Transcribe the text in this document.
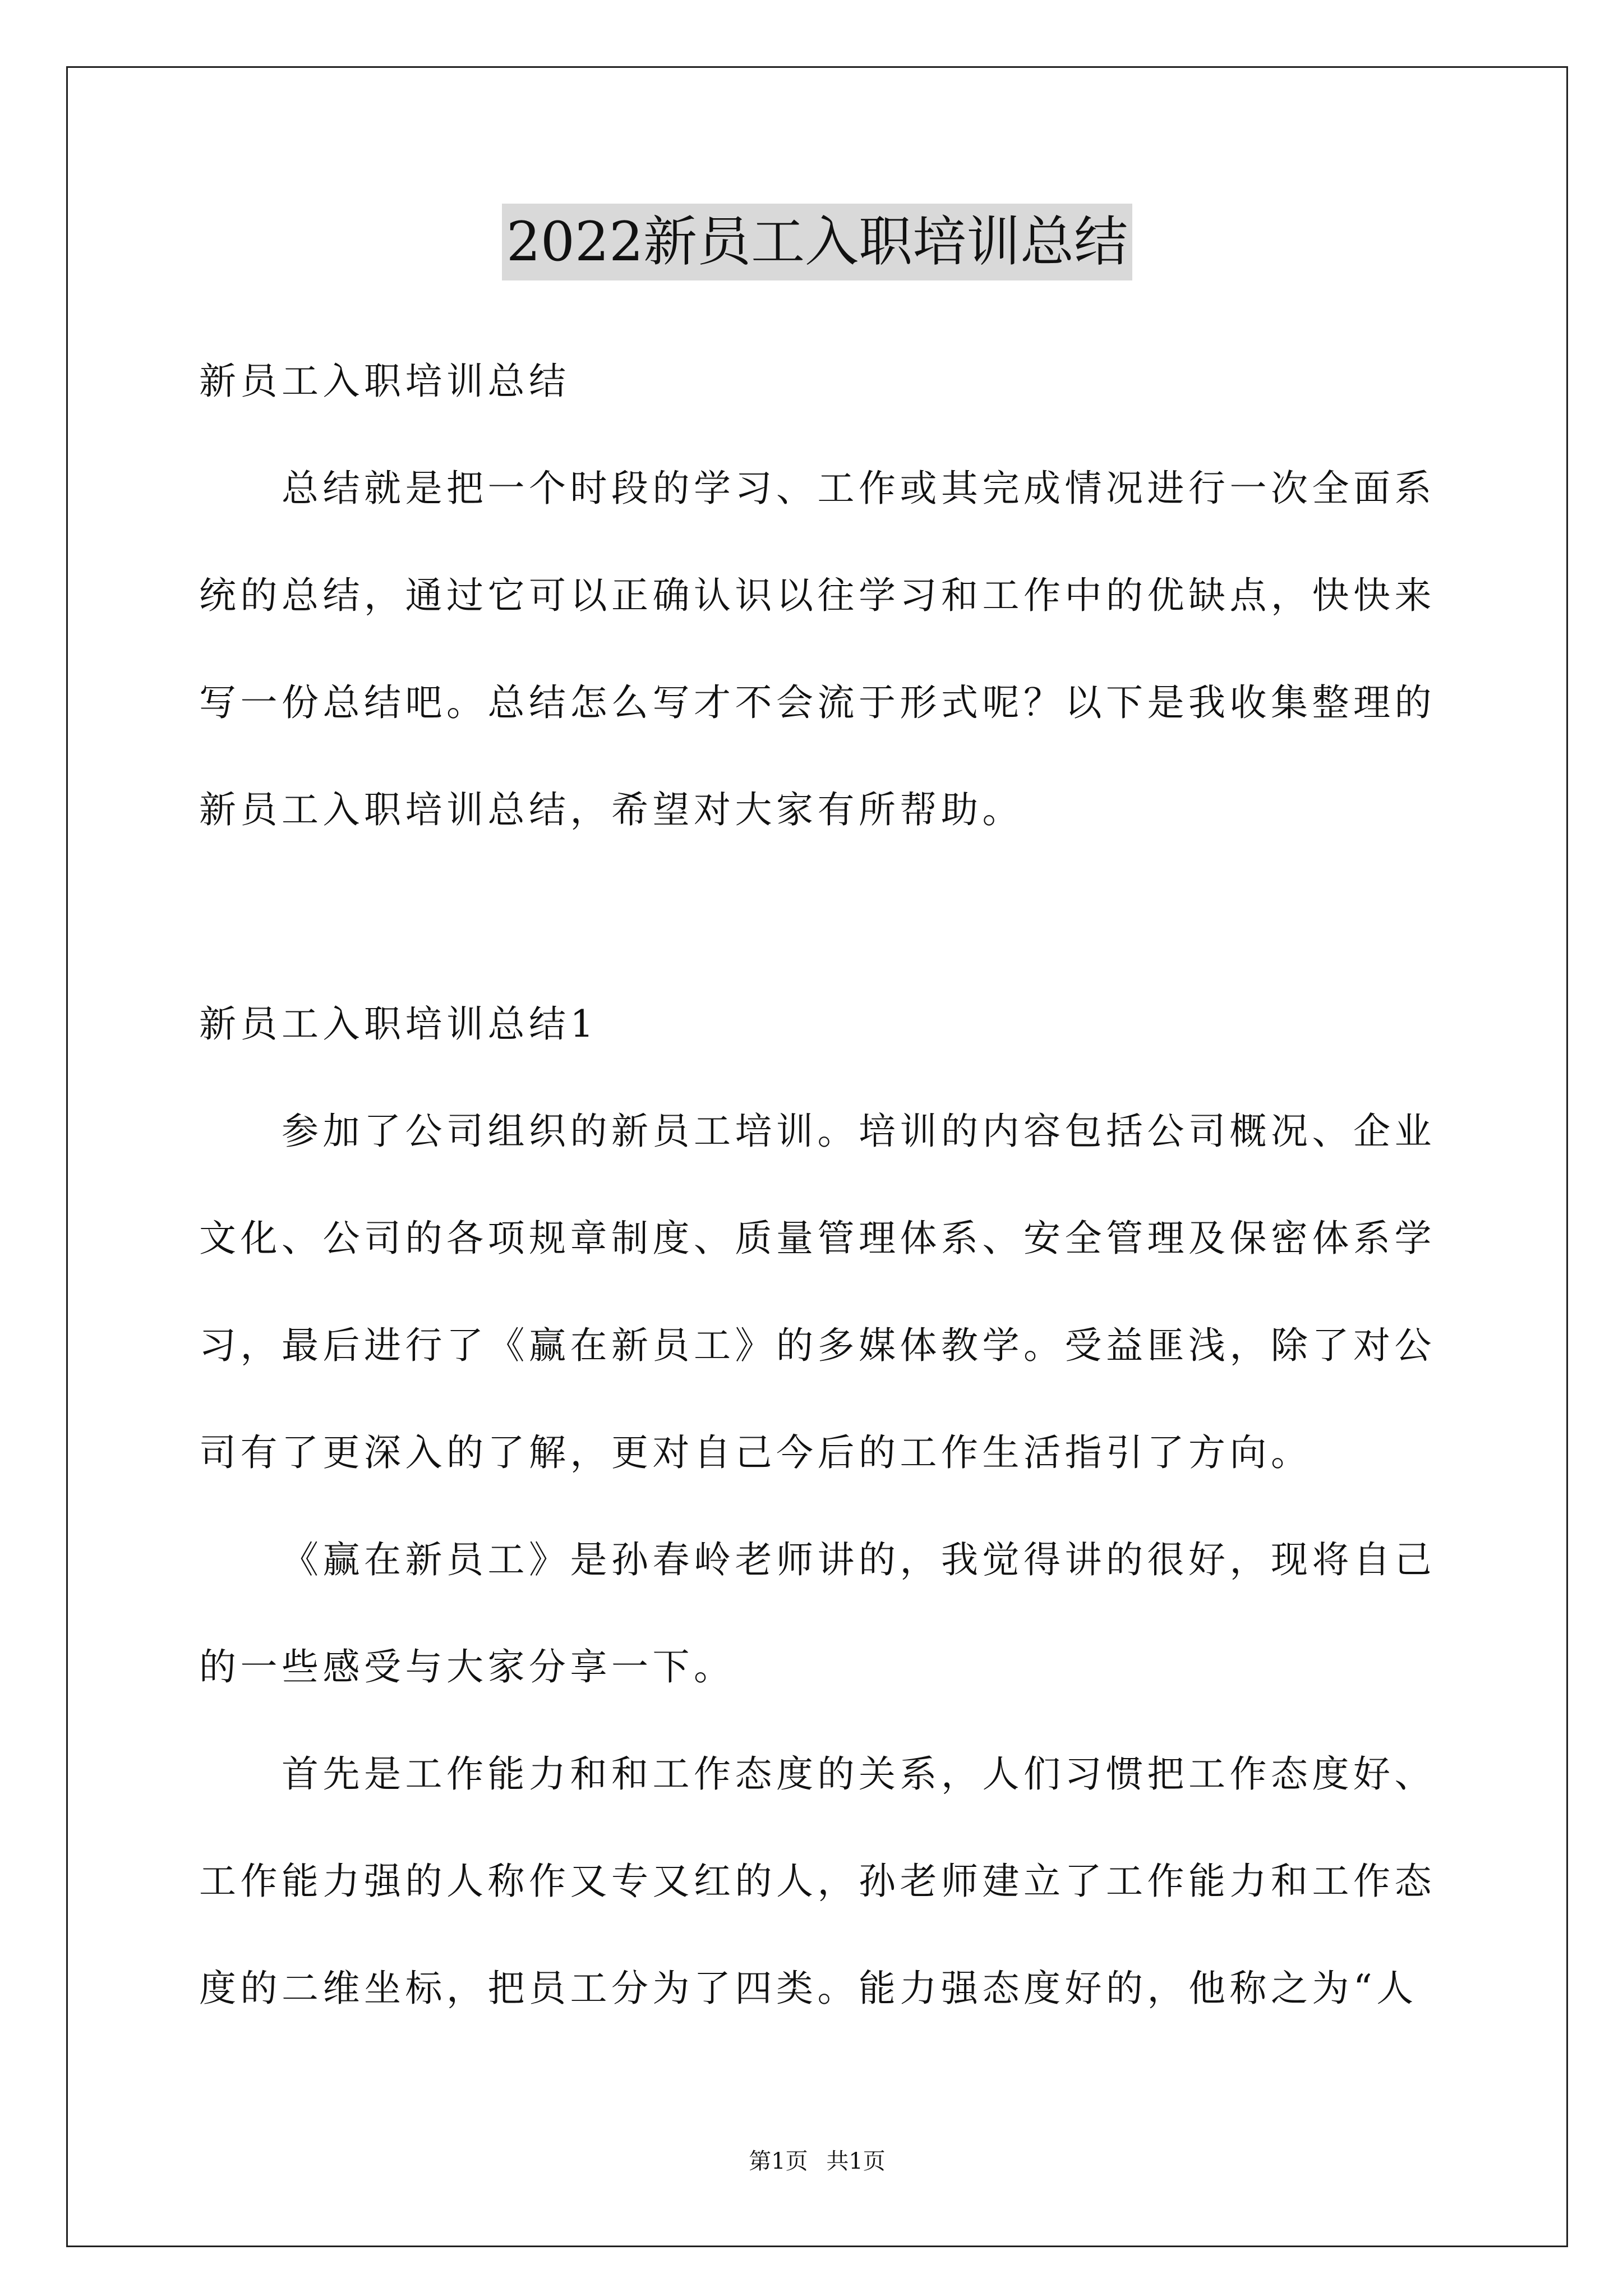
2022新员工入职培训总结
新员工入职培训总结
总结就是把一个时段的学习、工作或其完成情况进行一次全面系
统的总结，通过它可以正确认识以往学习和工作中的优缺点，快快来
写一份总结吧。总结怎么写才不会流于形式呢？以下是我收集整理的
新员工入职培训总结，希望对大家有所帮助。
新员工入职培训总结1
参加了公司组织的新员工培训。培训的内容包括公司概况、企业
文化、公司的各项规章制度、质量管理体系、安全管理及保密体系学
习，最后进行了《赢在新员工》的多媒体教学。受益匪浅，除了对公
司有了更深入的了解，更对自己今后的工作生活指引了方向。
《赢在新员工》是孙春岭老师讲的，我觉得讲的很好，现将自己
的一些感受与大家分享一下。
首先是工作能力和和工作态度的关系，人们习惯把工作态度好、
工作能力强的人称作又专又红的人，孙老师建立了工作能力和工作态
度的二维坐标，把员工分为了四类。能力强态度好的，他称之为“人
第1页 共1页
